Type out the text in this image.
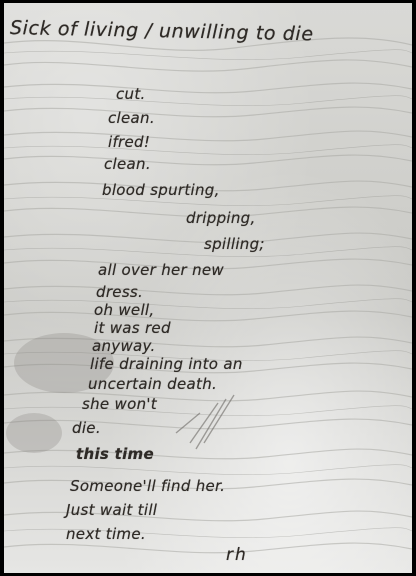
Sick of living / unwilling to die
cut.
clean.
ifred!
clean.
blood spurting,
dripping,
spilling;
all over her new
dress.
oh well,
it was red
anyway.
life draining into an
uncertain death.
she won't
die.
this time
Someone'll find her.
Just wait till
next time.
rh
